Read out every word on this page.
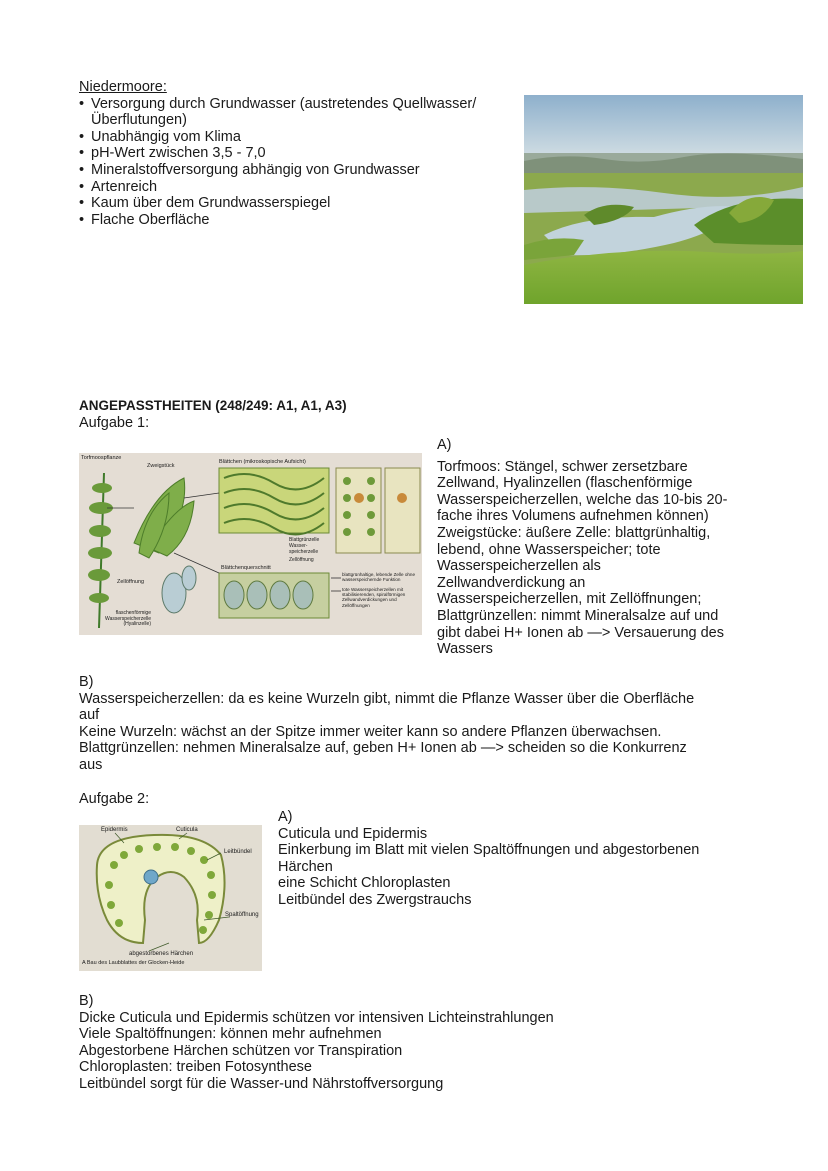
Niedermoore:
• Versorgung durch Grundwasser (austretendes Quellwasser/
Überflutungen)
• Unabhängig vom Klima
• pH-Wert zwischen 3,5 - 7,0
• Mineralstoffversorgung abhängig von Grundwasser
• Artenreich
• Kaum über dem Grundwasserspiegel
• Flache Oberfläche
ANGEPASSTHEITEN (248/249: A1, A1, A3)
Aufgabe 1:
Torfmoospflanze
Zweigstück
Blättchen (mikroskopische Aufsicht)
Blattgrünzelle
Wasser-speicherzelle
Zellöffnung
Blättchenquerschnitt
Zellöffnung
flaschenförmige Wasserspeicherzelle (Hyalinzelle)
blattgrünhaltige, lebende Zelle ohne wasserspeichernde Funktion
tote Wasserspeicherzellen mit stabilisierenden, spiralförmigen Zellwandverdickungen und Zellöffnungen
A)
Torfmoos: Stängel, schwer zersetzbare
Zellwand, Hyalinzellen (flaschenförmige
Wasserspeicherzellen, welche das 10-bis 20-
fache ihres Volumens aufnehmen können)
Zweigstücke: äußere Zelle: blattgrünhaltig,
lebend, ohne Wasserspeicher; tote
Wasserspeicherzellen als
Zellwandverdickung an
Wasserspeicherzellen, mit Zellöffnungen;
Blattgrünzellen: nimmt Mineralsalze auf und
gibt dabei H+ Ionen ab —> Versauerung des
Wassers
B)
Wasserspeicherzellen: da es keine Wurzeln gibt, nimmt die Pflanze Wasser über die Oberfläche
auf
Keine Wurzeln: wächst an der Spitze immer weiter kann so andere Pflanzen überwachsen.
Blattgrünzellen: nehmen Mineralsalze auf, geben H+ Ionen ab —> scheiden so die Konkurrenz
aus
Aufgabe 2:
Epidermis	Cuticula
Leitbündel
Spaltöffnung
abgestorbenes Härchen
A Bau des Laubblattes der Glocken-Heide
A)
Cuticula und Epidermis
Einkerbung im Blatt mit vielen Spaltöffnungen und abgestorbenen
Härchen
eine Schicht Chloroplasten
Leitbündel des Zwergstrauchs
B)
Dicke Cuticula und Epidermis schützen vor intensiven Lichteinstrahlungen
Viele Spaltöffnungen: können mehr aufnehmen
Abgestorbene Härchen schützen vor Transpiration
Chloroplasten: treiben Fotosynthese
Leitbündel sorgt für die Wasser-und Nährstoffversorgung
